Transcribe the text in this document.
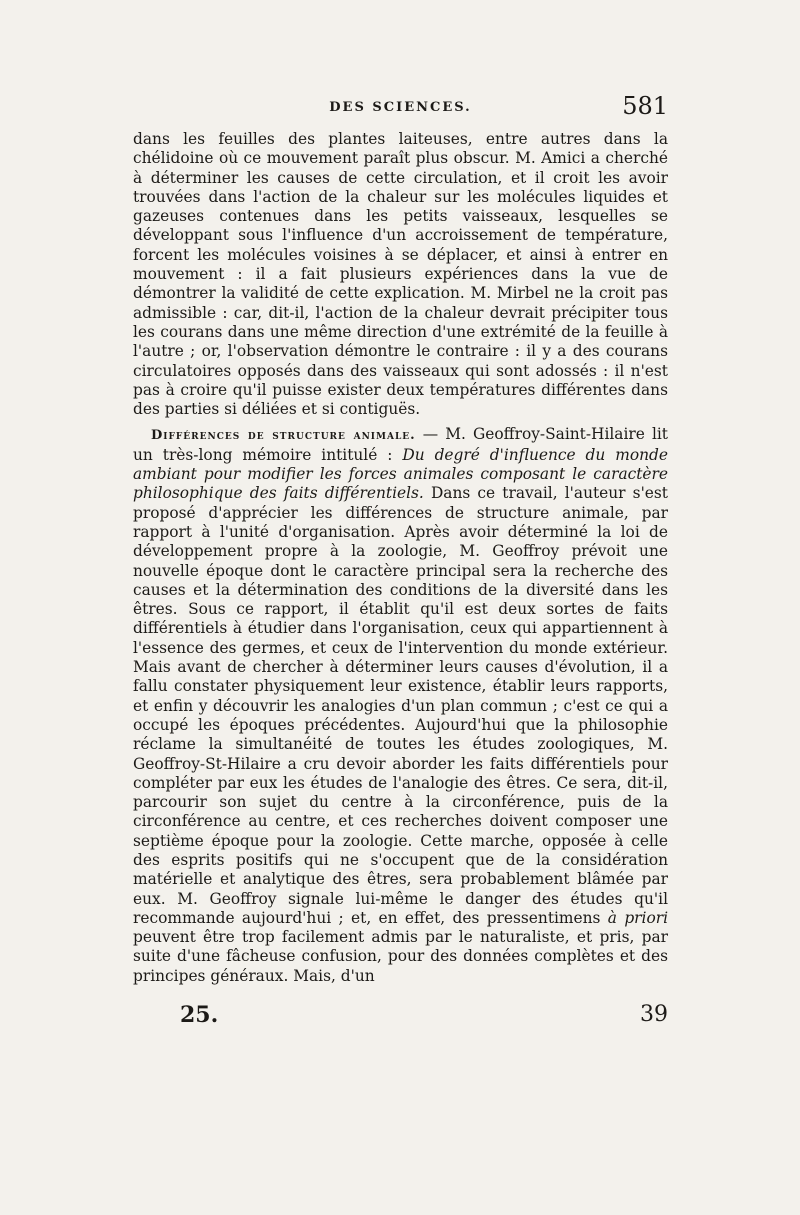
DES SCIENCES.	581

dans les feuilles des plantes laiteuses, entre autres dans la chélidoine où ce mouvement paraît plus obscur. M. Amici a cherché à déterminer les causes de cette circulation, et il croit les avoir trouvées dans l'action de la chaleur sur les molécules liquides et gazeuses contenues dans les petits vaisseaux, lesquelles se développant sous l'influence d'un accroissement de température, forcent les molécules voisines à se déplacer, et ainsi à entrer en mouvement : il a fait plusieurs expériences dans la vue de démontrer la validité de cette explication. M. Mirbel ne la croit pas admissible : car, dit-il, l'action de la chaleur devrait précipiter tous les courans dans une même direction d'une extrémité de la feuille à l'autre ; or, l'observation démontre le contraire : il y a des courans circulatoires opposés dans des vaisseaux qui sont adossés : il n'est pas à croire qu'il puisse exister deux températures différentes dans des parties si déliées et si contiguës.

Différences de structure animale. — M. Geoffroy-Saint-Hilaire lit un très-long mémoire intitulé : Du degré d'influence du monde ambiant pour modifier les forces animales composant le caractère philosophique des faits différentiels. Dans ce travail, l'auteur s'est proposé d'apprécier les différences de structure animale, par rapport à l'unité d'organisation. Après avoir déterminé la loi de développement propre à la zoologie, M. Geoffroy prévoit une nouvelle époque dont le caractère principal sera la recherche des causes et la détermination des conditions de la diversité dans les êtres. Sous ce rapport, il établit qu'il est deux sortes de faits différentiels à étudier dans l'organisation, ceux qui appartiennent à l'essence des germes, et ceux de l'intervention du monde extérieur. Mais avant de chercher à déterminer leurs causes d'évolution, il a fallu constater physiquement leur existence, établir leurs rapports, et enfin y découvrir les analogies d'un plan commun ; c'est ce qui a occupé les époques précédentes. Aujourd'hui que la philosophie réclame la simultanéité de toutes les études zoologiques, M. Geoffroy-St-Hilaire a cru devoir aborder les faits différentiels pour compléter par eux les études de l'analogie des êtres. Ce sera, dit-il, parcourir son sujet du centre à la circonférence, puis de la circonférence au centre, et ces recherches doivent composer une septième époque pour la zoologie. Cette marche, opposée à celle des esprits positifs qui ne s'occupent que de la considération matérielle et analytique des êtres, sera probablement blâmée par eux. M. Geoffroy signale lui-même le danger des études qu'il recommande aujourd'hui ; et, en effet, des pressentimens à priori peuvent être trop facilement admis par le naturaliste, et pris, par suite d'une fâcheuse confusion, pour des données complètes et des principes généraux. Mais, d'un

25.	39
